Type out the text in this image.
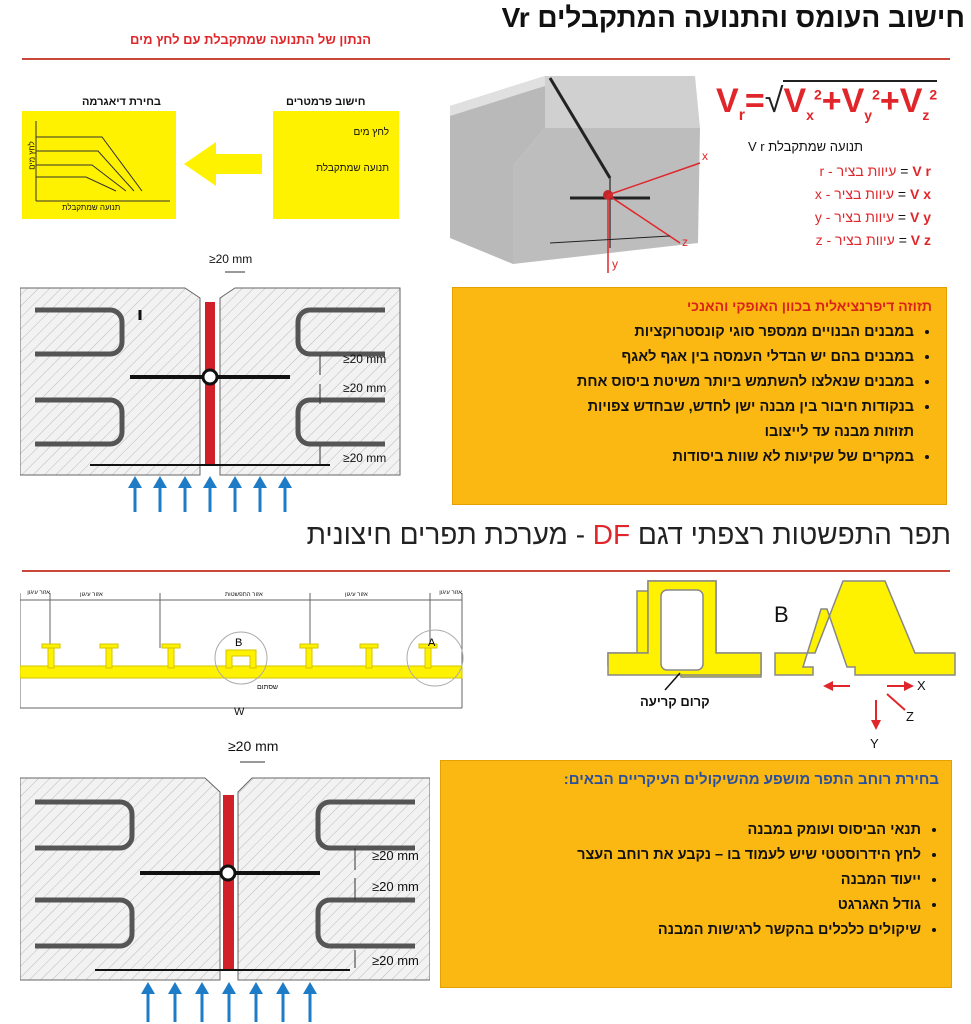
חישוב העומס והתנועה המתקבלים Vr
הנתון של התנועה שמתקבלת עם לחץ מים
חישוב פרמטרים
בחירת דיאגרמה
לחץ מים
תנועה שמתקבלת
לחץ מים
תנועה שמתקבלת
x
z
y
$V_r=√V_x^2+V_y^2+V_z^2$
תנועה שמתקבלת V r
V r = עיוות בציר - r
V x = עיוות בציר - x
V y = עיוות בציר - y
V z = עיוות בציר - z
≥20 mm
≥20 mm
≥20 mm
≥20 mm
תזוזה דיפרנציאלית בכוון האופקי והאנכי
• במבנים הבנויים ממספר סוגי קונסטרוקציות
• במבנים בהם יש הבדלי העמסה בין אגף לאגף
• במבנים שנאלצו להשתמש ביותר משיטת ביסוס אחת
• בנקודות חיבור בין מבנה ישן לחדש, שבחדש צפויות
תזוזות מבנה עד לייצובו
• במקרים של שקיעות לא שוות ביסודות
תפר התפשטות רצפתי דגם DF - מערכת תפרים חיצונית
B	A
אזור עיגון	אזור עיגון	אזור התפשטות	אזור עיגון	אזור עיגון
שסתום
W
B
קרום קריעה
X
Z
Y
≥20 mm
≥20 mm
≥20 mm
≥20 mm
בחירת רוחב התפר מושפע מהשיקולים העיקריים הבאים:
• תנאי הביסוס ועומק במבנה
• לחץ הידרוסטטי שיש לעמוד בו – נקבע את רוחב העצר
• ייעוד המבנה
• גודל האגרגט
• שיקולים כלכלים בהקשר לרגישות המבנה
